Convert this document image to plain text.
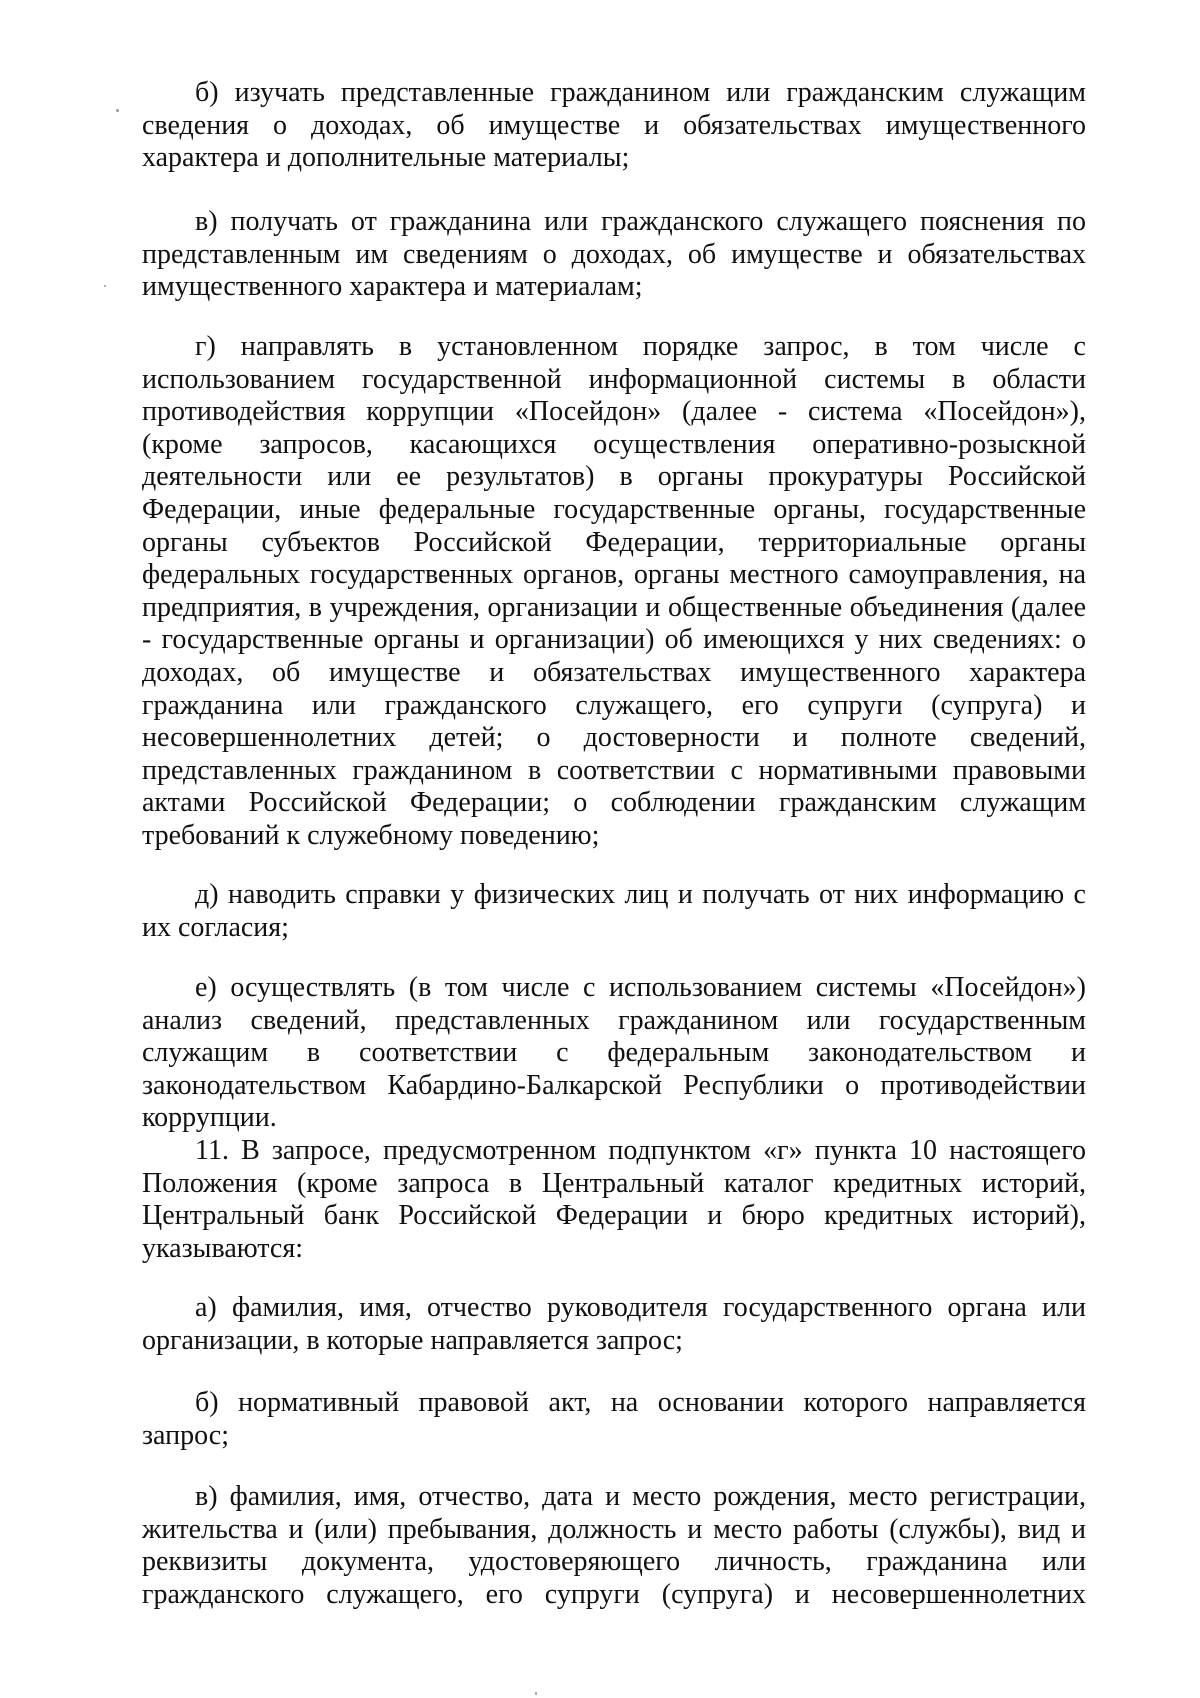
б) изучать представленные гражданином или гражданским служащим сведения о доходах, об имуществе и обязательствах имущественного характера и дополнительные материалы;

в) получать от гражданина или гражданского служащего пояснения по представленным им сведениям о доходах, об имуществе и обязательствах имущественного характера и материалам;

г) направлять в установленном порядке запрос, в том числе с использованием государственной информационной системы в области противодействия коррупции «Посейдон» (далее - система «Посейдон»), (кроме запросов, касающихся осуществления оперативно-розыскной деятельности или ее результатов) в органы прокуратуры Российской Федерации, иные федеральные государственные органы, государственные органы субъектов Российской Федерации, территориальные органы федеральных государственных органов, органы местного самоуправления, на предприятия, в учреждения, организации и общественные объединения (далее - государственные органы и организации) об имеющихся у них сведениях: о доходах, об имуществе и обязательствах имущественного характера гражданина или гражданского служащего, его супруги (супруга) и несовершеннолетних детей; о достоверности и полноте сведений, представленных гражданином в соответствии с нормативными правовыми актами Российской Федерации; о соблюдении гражданским служащим требований к служебному поведению;

д) наводить справки у физических лиц и получать от них информацию с их согласия;

е) осуществлять (в том числе с использованием системы «Посейдон») анализ сведений, представленных гражданином или государственным служащим в соответствии с федеральным законодательством и законодательством Кабардино-Балкарской Республики о противодействии коррупции.

11. В запросе, предусмотренном подпунктом «г» пункта 10 настоящего Положения (кроме запроса в Центральный каталог кредитных историй, Центральный банк Российской Федерации и бюро кредитных историй), указываются:

а) фамилия, имя, отчество руководителя государственного органа или организации, в которые направляется запрос;

б) нормативный правовой акт, на основании которого направляется запрос;

в) фамилия, имя, отчество, дата и место рождения, место регистрации, жительства и (или) пребывания, должность и место работы (службы), вид и реквизиты документа, удостоверяющего личность, гражданина или гражданского служащего, его супруги (супруга) и несовершеннолетних
